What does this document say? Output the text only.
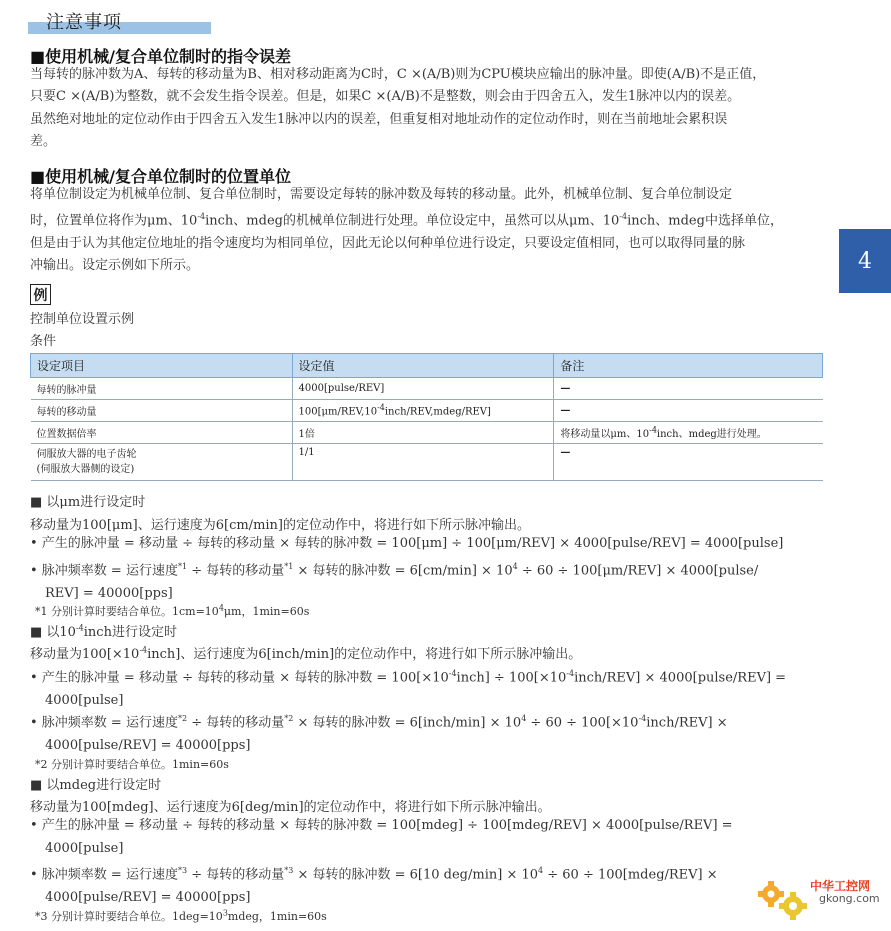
注意事项
4
■使用机械/复合单位制时的指令误差
当每转的脉冲数为A、每转的移动量为B、相对移动距离为C时，C ×(A/B)则为CPU模块应输出的脉冲量。即使(A/B)不是正值，
只要C ×(A/B)为整数，就不会发生指令误差。但是，如果C ×(A/B)不是整数，则会由于四舍五入，发生1脉冲以内的误差。
虽然绝对地址的定位动作由于四舍五入发生1脉冲以内的误差，但重复相对地址动作的定位动作时，则在当前地址会累积误
差。
■使用机械/复合单位制时的位置单位
将单位制设定为机械单位制、复合单位制时，需要设定每转的脉冲数及每转的移动量。此外，机械单位制、复合单位制设定
时，位置单位将作为μm、$10^{-4}inch$、mdeg的机械单位制进行处理。单位设定中，虽然可以从μm、$10^{-4}inch$、mdeg中选择单位，
但是由于认为其他定位地址的指令速度均为相同单位，因此无论以何种单位进行设定，只要设定值相同，也可以取得同量的脉
冲输出。设定示例如下所示。
例
控制单位设置示例
条件
设定项目	设定值	备注
每转的脉冲量	4000[pulse/REV]	—
每转的移动量	$100[\mu m/REV,10^{-4}inch/REV,mdeg/REV]$	—
位置数据倍率	1倍	将移动量以μm、$10^{-4}inch$、mdeg进行处理。

伺服放大器的电子齿轮
(伺服放大器侧的设定)	1/1	—
■ 以μm进行设定时
移动量为100[μm]、运行速度为6[cm/min]的定位动作中，将进行如下所示脉冲输出。
• 产生的脉冲量 = 移动量 ÷ 每转的移动量 × 每转的脉冲数 = 100[μm] ÷ 100[μm/REV] × 4000[pulse/REV] = 4000[pulse]
• 脉冲频率数 = 运行速度$^{*1}$ ÷ 每转的移动量$^{*1}$ × 每转的脉冲数 = $6[cm/\min] \times 10^4 \div 60 \div 100[\mu m/REV]$ × 4000[pulse/
REV] = 40000[pps]
*1 分别计算时要结合单位。$1cm=10^4\mu m$，1min=60s
■ 以$10^{-4}inch$进行设定时
移动量为$100[\times 10^{-4}inch]$、运行速度为6[inch/min]的定位动作中，将进行如下所示脉冲输出。
• 产生的脉冲量 = 移动量 ÷ 每转的移动量 × 每转的脉冲数 = $100[\times 10^{-4}inch]$ ÷ $100[\times 10^{-4}inch/REV]$ × 4000[pulse/REV] =
4000[pulse]
• 脉冲频率数 = 运行速度$^{*2}$ ÷ 每转的移动量$^{*2}$ × 每转的脉冲数 = 6[inch/min] × $10^4 \div 60$ ÷ $100[\times 10^{-4}inch/REV]$ ×
4000[pulse/REV] = 40000[pps]
*2 分别计算时要结合单位。1min=60s
■ 以mdeg进行设定时
移动量为100[mdeg]、运行速度为6[deg/min]的定位动作中，将进行如下所示脉冲输出。
• 产生的脉冲量 = 移动量 ÷ 每转的移动量 × 每转的脉冲数 = 100[mdeg] ÷ 100[mdeg/REV] × 4000[pulse/REV] =
4000[pulse]
• 脉冲频率数 = 运行速度$^{*3}$ ÷ 每转的移动量$^{*3}$ × 每转的脉冲数 = 6[10 $deg/\min] \times 10^4 \div 60$ ÷ 100[mdeg/REV] ×
4000[pulse/REV] = 40000[pps]
*3 分别计算时要结合单位。$1deg=10^3mdeg$，1min=60s
中华工控网
gkong.com
